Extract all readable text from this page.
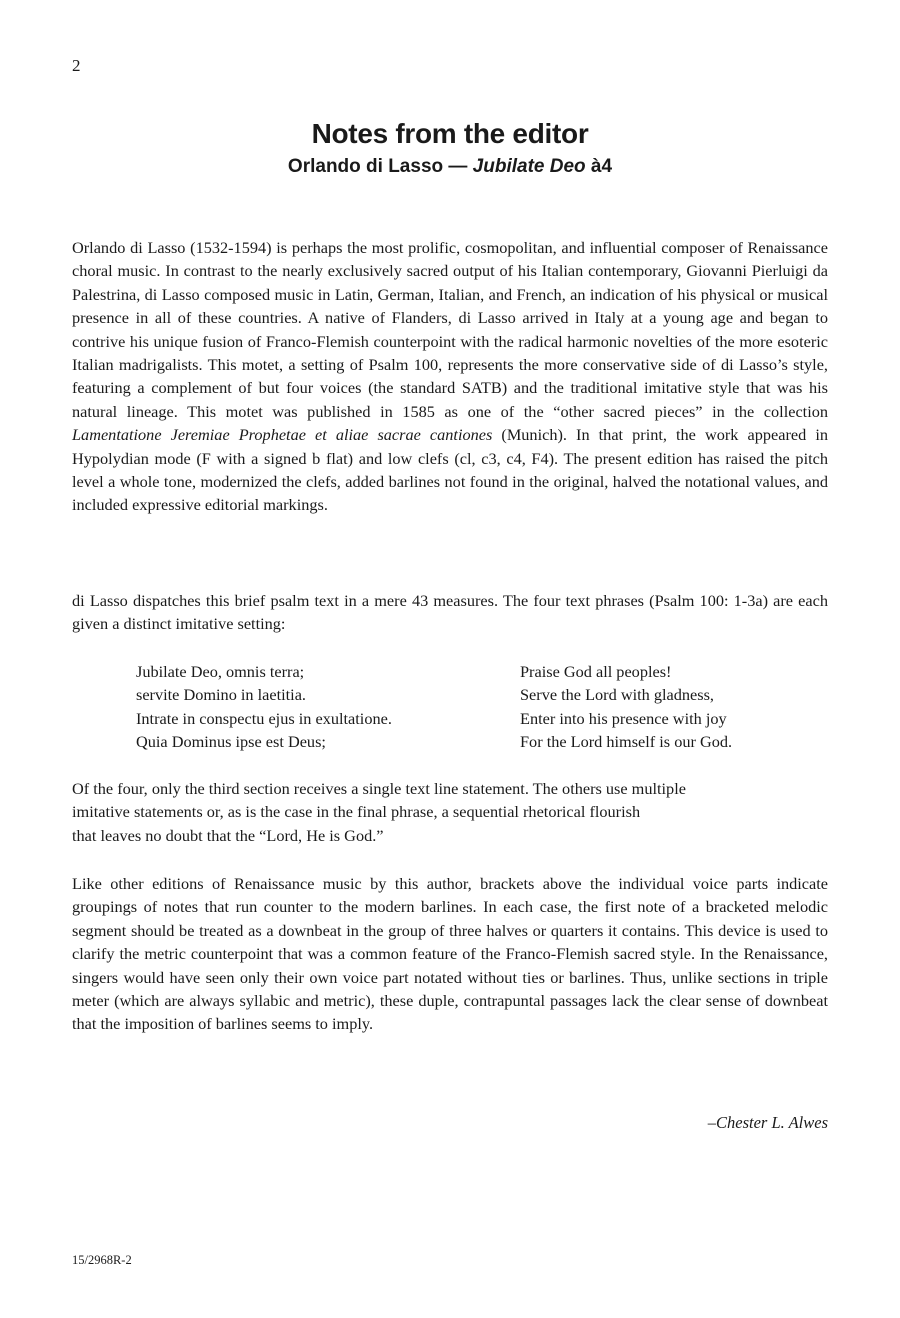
2
Notes from the editor
Orlando di Lasso — Jubilate Deo à4
Orlando di Lasso (1532-1594) is perhaps the most prolific, cosmopolitan, and influential composer of Renaissance choral music. In contrast to the nearly exclusively sacred output of his Italian contemporary, Giovanni Pierluigi da Palestrina, di Lasso composed music in Latin, German, Italian, and French, an indication of his physical or musical presence in all of these countries. A native of Flanders, di Lasso arrived in Italy at a young age and began to contrive his unique fusion of Franco-Flemish counterpoint with the radical harmonic novelties of the more esoteric Italian madrigalists. This motet, a setting of Psalm 100, represents the more conservative side of di Lasso’s style, featuring a complement of but four voices (the standard SATB) and the traditional imitative style that was his natural lineage. This motet was published in 1585 as one of the “other sacred pieces” in the collection Lamentatione Jeremiae Prophetae et aliae sacrae cantiones (Munich). In that print, the work appeared in Hypolydian mode (F with a signed b flat) and low clefs (cl, c3, c4, F4). The present edition has raised the pitch level a whole tone, modernized the clefs, added barlines not found in the original, halved the notational values, and included expressive editorial markings.
di Lasso dispatches this brief psalm text in a mere 43 measures. The four text phrases (Psalm 100: 1-3a) are each given a distinct imitative setting:
Jubilate Deo, omnis terra;	Praise God all peoples!
servite Domino in laetitia.	Serve the Lord with gladness,
Intrate in conspectu ejus in exultatione.	Enter into his presence with joy
Quia Dominus ipse est Deus;	For the Lord himself is our God.
Of the four, only the third section receives a single text line statement. The others use multiple
imitative statements or, as is the case in the final phrase, a sequential rhetorical flourish
that leaves no doubt that the “Lord, He is God.”
Like other editions of Renaissance music by this author, brackets above the individual voice parts indicate groupings of notes that run counter to the modern barlines. In each case, the first note of a bracketed melodic segment should be treated as a downbeat in the group of three halves or quarters it contains. This device is used to clarify the metric counterpoint that was a common feature of the Franco-Flemish sacred style. In the Renaissance, singers would have seen only their own voice part notated without ties or barlines. Thus, unlike sections in triple meter (which are always syllabic and metric), these duple, contrapuntal passages lack the clear sense of downbeat that the imposition of barlines seems to imply.
–Chester L. Alwes
15/2968R-2
